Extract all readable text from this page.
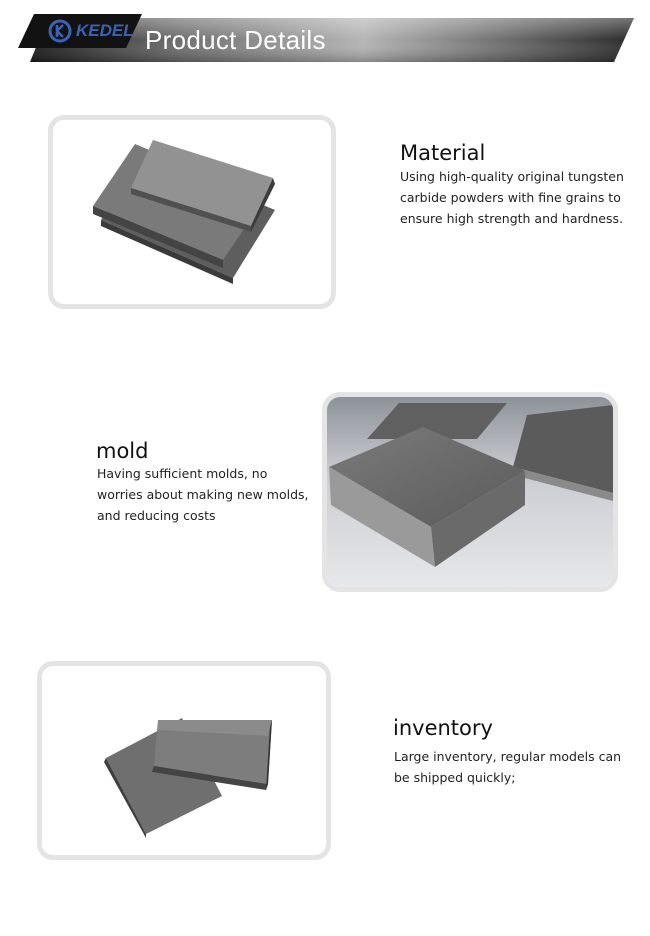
KEDEL Product Details
Material
Using high-quality original tungsten carbide powders with fine grains to ensure high strength and hardness.
mold
Having sufficient molds, no worries about making new molds, and reducing costs
inventory
Large inventory, regular models can be shipped quickly;
